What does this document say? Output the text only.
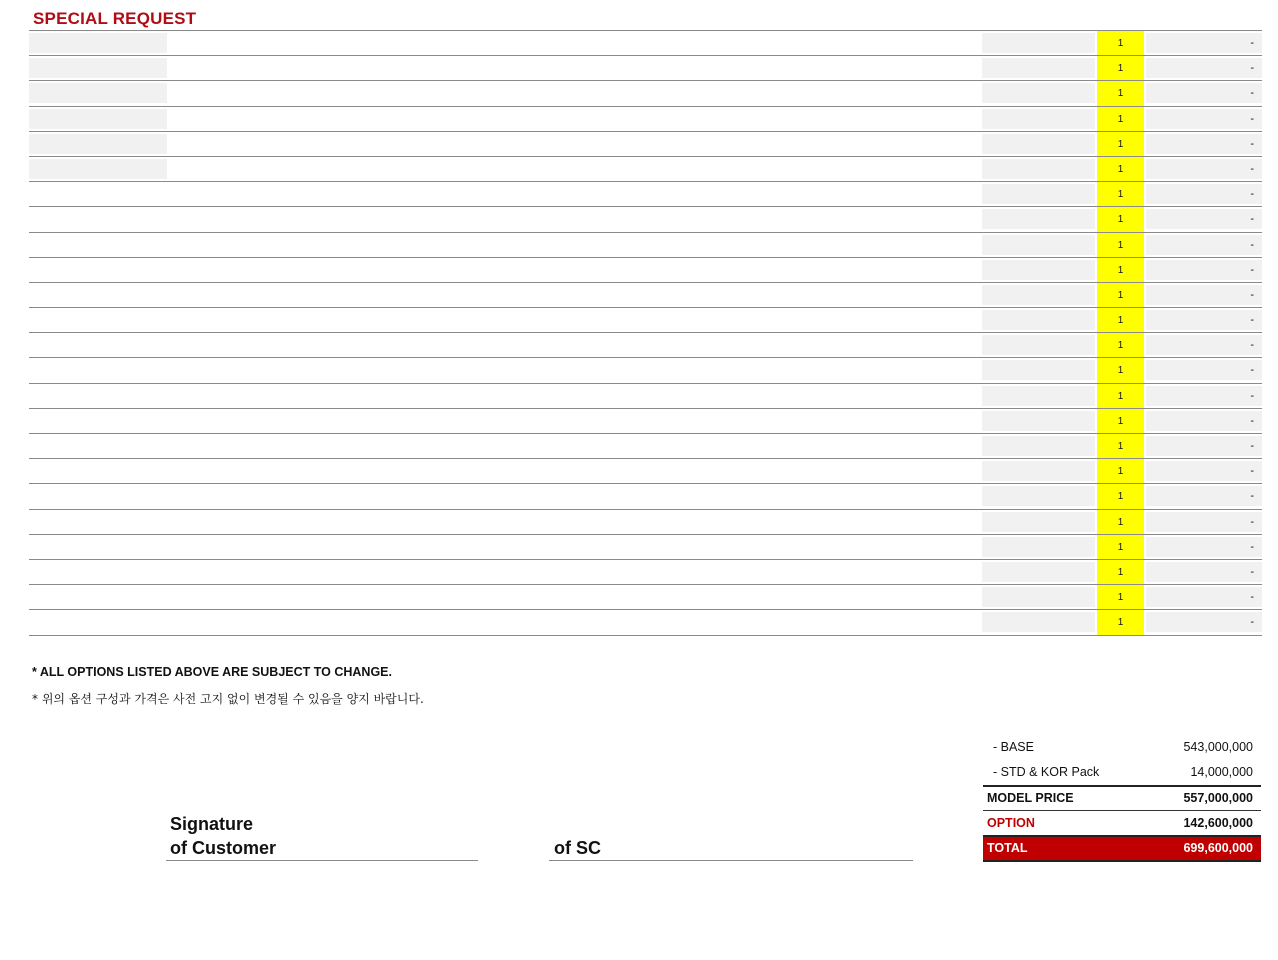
SPECIAL REQUEST
1	-
1	-
1	-
1	-
1	-
1	-
1	-
1	-
1	-
1	-
1	-
1	-
1	-
1	-
1	-
1	-
1	-
1	-
1	-
1	-
1	-
1	-
1	-
1	-
* ALL OPTIONS LISTED ABOVE ARE SUBJECT TO CHANGE.
* 위의 옵션 구성과 가격은 사전 고지 없이 변경될 수 있음을 양지 바랍니다.
Signature
of Customer	of SC
- BASE	543,000,000
- STD & KOR Pack	14,000,000
MODEL PRICE	557,000,000
OPTION	142,600,000
TOTAL	699,600,000
